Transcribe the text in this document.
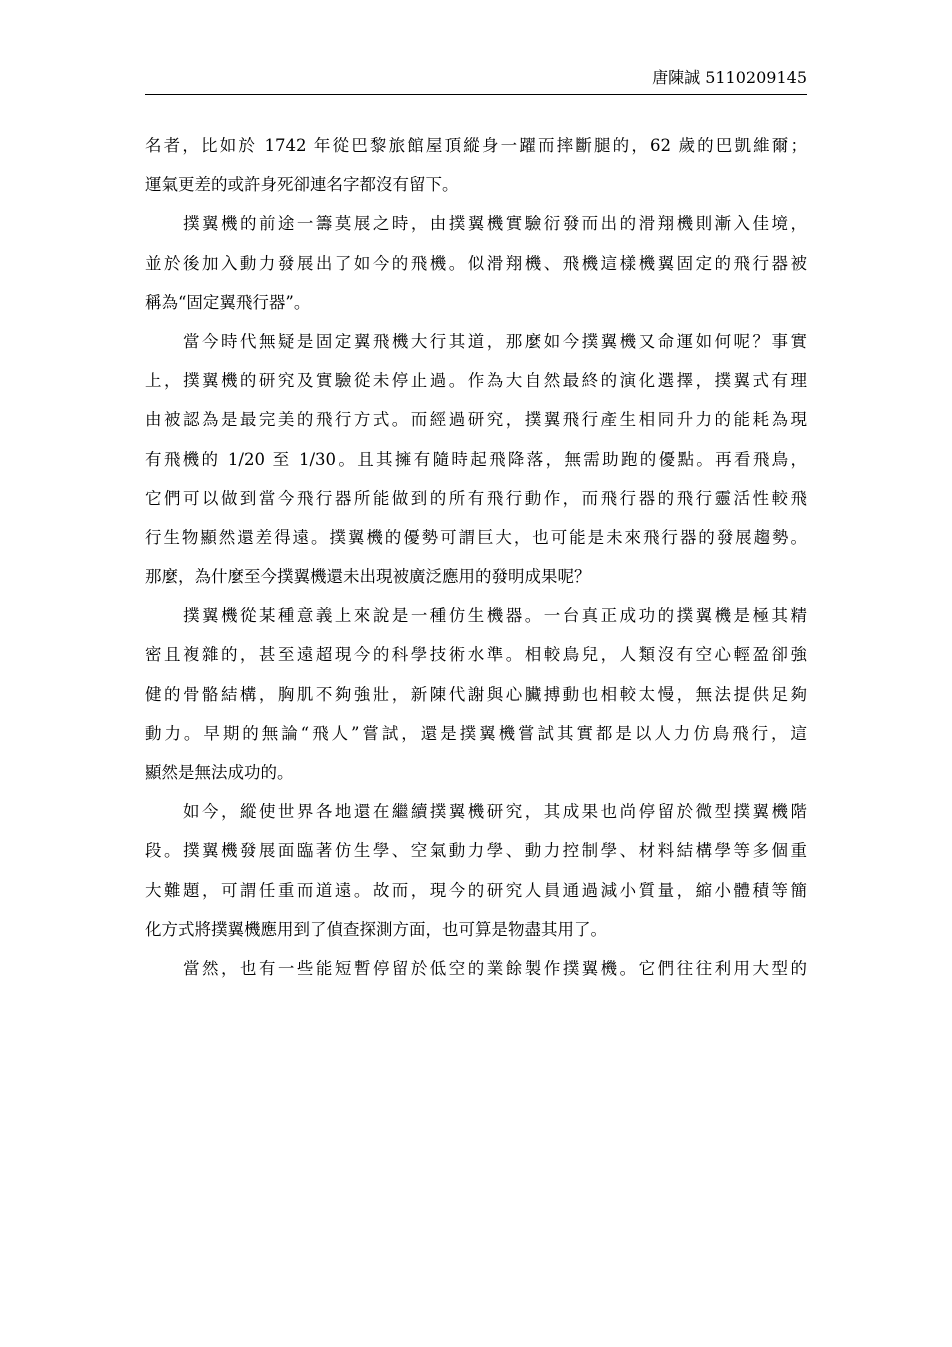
唐陳誠 5110209145
名者，比如於 1742 年從巴黎旅館屋頂縱身一躍而摔斷腿的，62 歲的巴凱維爾；
運氣更差的或許身死卻連名字都沒有留下。
撲翼機的前途一籌莫展之時，由撲翼機實驗衍發而出的滑翔機則漸入佳境，
並於後加入動力發展出了如今的飛機。似滑翔機、飛機這樣機翼固定的飛行器被
稱為“固定翼飛行器”。
當今時代無疑是固定翼飛機大行其道，那麼如今撲翼機又命運如何呢？事實
上，撲翼機的研究及實驗從未停止過。作為大自然最終的演化選擇，撲翼式有理
由被認為是最完美的飛行方式。而經過研究，撲翼飛行產生相同升力的能耗為現
有飛機的 1/20 至 1/30。且其擁有隨時起飛降落，無需助跑的優點。再看飛鳥，
它們可以做到當今飛行器所能做到的所有飛行動作，而飛行器的飛行靈活性較飛
行生物顯然還差得遠。撲翼機的優勢可謂巨大，也可能是未來飛行器的發展趨勢。
那麼，為什麼至今撲翼機還未出現被廣泛應用的發明成果呢？
撲翼機從某種意義上來說是一種仿生機器。一台真正成功的撲翼機是極其精
密且複雜的，甚至遠超現今的科學技術水準。相較鳥兒，人類沒有空心輕盈卻強
健的骨骼結構，胸肌不夠強壯，新陳代謝與心臟搏動也相較太慢，無法提供足夠
動力。早期的無論“飛人”嘗試，還是撲翼機嘗試其實都是以人力仿鳥飛行，這
顯然是無法成功的。
如今，縱使世界各地還在繼續撲翼機研究，其成果也尚停留於微型撲翼機階
段。撲翼機發展面臨著仿生學、空氣動力學、動力控制學、材料結構學等多個重
大難題，可謂任重而道遠。故而，現今的研究人員通過減小質量，縮小體積等簡
化方式將撲翼機應用到了偵查探測方面，也可算是物盡其用了。
當然，也有一些能短暫停留於低空的業餘製作撲翼機。它們往往利用大型的
